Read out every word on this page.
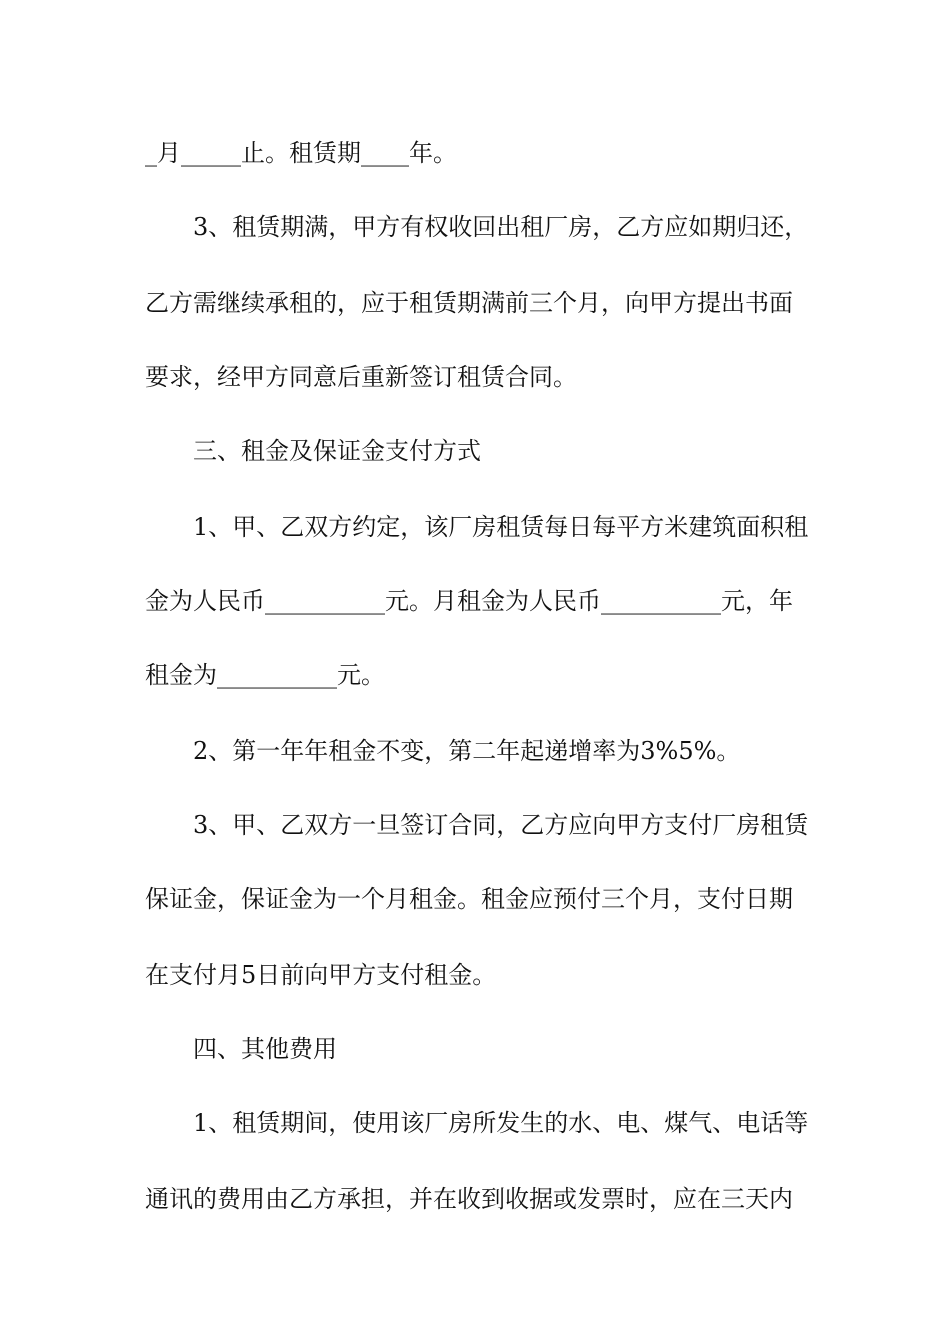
_月_____止。租赁期____年。
3、租赁期满，甲方有权收回出租厂房，乙方应如期归还，
乙方需继续承租的，应于租赁期满前三个月，向甲方提出书面
要求，经甲方同意后重新签订租赁合同。
三、租金及保证金支付方式
1、甲、乙双方约定，该厂房租赁每日每平方米建筑面积租
金为人民币__________元。月租金为人民币__________元，年
租金为__________元。
2、第一年年租金不变，第二年起递增率为3%5%。
3、甲、乙双方一旦签订合同，乙方应向甲方支付厂房租赁
保证金，保证金为一个月租金。租金应预付三个月，支付日期
在支付月5日前向甲方支付租金。
四、其他费用
1、租赁期间，使用该厂房所发生的水、电、煤气、电话等
通讯的费用由乙方承担，并在收到收据或发票时，应在三天内
